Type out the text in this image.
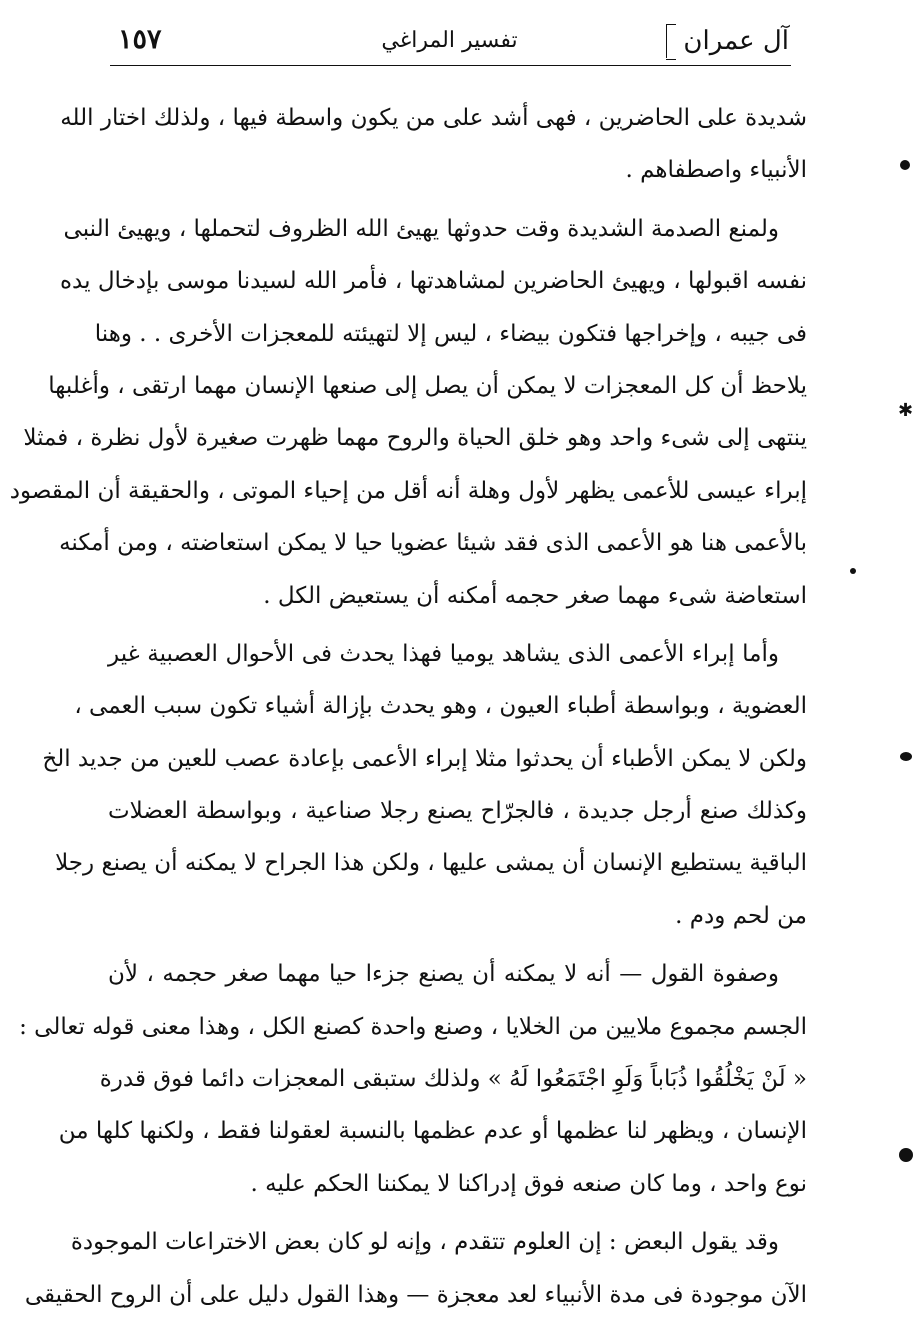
آل عمران
تفسير المراغي
١٥٧
شديدة على الحاضرين ، فهى أشد على من يكون واسطة فيها ، ولذلك اختار الله
الأنبياء واصطفاهم .
ولمنع الصدمة الشديدة وقت حدوثها يهيئ الله الظروف لتحملها ، ويهيئ النبى
نفسه اقبولها ، ويهيئ الحاضرين لمشاهدتها ، فأمر الله لسيدنا موسى بإدخال يده
فى جيبه ، وإخراجها فتكون بيضاء ، ليس إلا لتهيئته للمعجزات الأخرى . . وهنا
يلاحظ أن كل المعجزات لا يمكن أن يصل إلى صنعها الإنسان مهما ارتقى ، وأغلبها
ينتهى إلى شىء واحد وهو خلق الحياة والروح مهما ظهرت صغيرة لأول نظرة ، فمثلا
إبراء عيسى للأعمى يظهر لأول وهلة أنه أقل من إحياء الموتى ، والحقيقة أن المقصود
بالأعمى هنا هو الأعمى الذى فقد شيئا عضويا حيا لا يمكن استعاضته ، ومن أمكنه
استعاضة شىء مهما صغر حجمه أمكنه أن يستعيض الكل .
وأما إبراء الأعمى الذى يشاهد يوميا فهذا يحدث فى الأحوال العصبية غير
العضوية ، وبواسطة أطباء العيون ، وهو يحدث بإزالة أشياء تكون سبب العمى ،
ولكن لا يمكن الأطباء أن يحدثوا مثلا إبراء الأعمى بإعادة عصب للعين من جديد الخ
وكذلك صنع أرجل جديدة ، فالجرّاح يصنع رجلا صناعية ، وبواسطة العضلات
الباقية يستطيع الإنسان أن يمشى عليها ، ولكن هذا الجراح لا يمكنه أن يصنع رجلا
من لحم ودم .
وصفوة القول — أنه لا يمكنه أن يصنع جزءا حيا مهما صغر حجمه ، لأن
الجسم مجموع ملايين من الخلايا ، وصنع واحدة كصنع الكل ، وهذا معنى قوله تعالى :
« لَنْ يَخْلُقُوا ذُبَاباً وَلَوِ اجْتَمَعُوا لَهُ » ولذلك ستبقى المعجزات دائما فوق قدرة
الإنسان ، ويظهر لنا عظمها أو عدم عظمها بالنسبة لعقولنا فقط ، ولكنها كلها من
نوع واحد ، وما كان صنعه فوق إدراكنا لا يمكننا الحكم عليه .
وقد يقول البعض : إن العلوم تتقدم ، وإنه لو كان بعض الاختراعات الموجودة
الآن موجودة فى مدة الأنبياء لعد معجزة — وهذا القول دليل على أن الروح الحقيقى
✱
